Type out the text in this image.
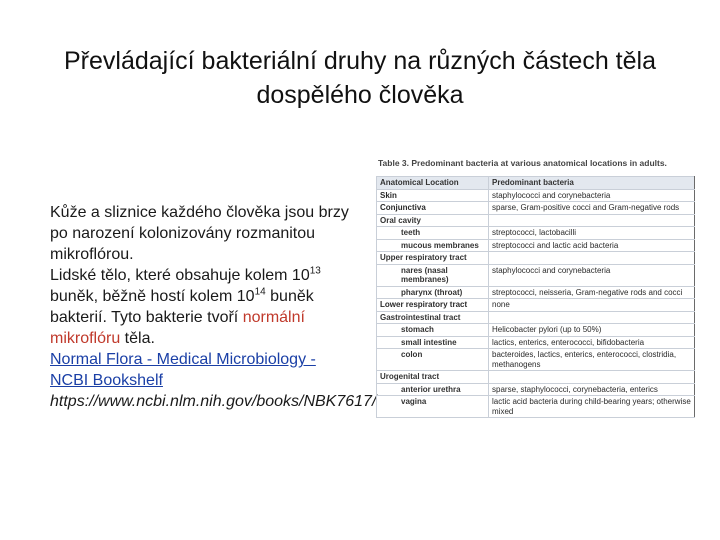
Převládající bakteriální druhy na různých částech těla
dospělého člověka

Kůže a sliznice každého člověka jsou brzy po narození kolonizovány rozmanitou mikroflórou.

Lidské tělo, které obsahuje kolem $10^{13}$ buněk, běžně hostí kolem $10^{14}$ buněk bakterií. Tyto bakterie tvoří normální mikroflóru těla.

Normal Flora - Medical Microbiology - NCBI Bookshelf

https://www.ncbi.nlm.nih.gov/books/NBK7617/

Table 3. Predominant bacteria at various anatomical locations in adults.
Anatomical Location	Predominant bacteria
Skin	staphylococci and corynebacteria
Conjunctiva	sparse, Gram-positive cocci and Gram-negative rods
Oral cavity	
teeth	streptococci, lactobacilli
mucous membranes	streptococci and lactic acid bacteria
Upper respiratory tract	
nares (nasal membranes)	staphylococci and corynebacteria
pharynx (throat)	streptococci, neisseria, Gram-negative rods and cocci
Lower respiratory tract	none
Gastrointestinal tract	
stomach	Helicobacter pylori (up to 50%)
small intestine	lactics, enterics, enterococci, bifidobacteria
colon	bacteroides, lactics, enterics, enterococci, clostridia, methanogens
Urogenital tract	
anterior urethra	sparse, staphylococci, corynebacteria, enterics
vagina	lactic acid bacteria during child-bearing years; otherwise mixed
